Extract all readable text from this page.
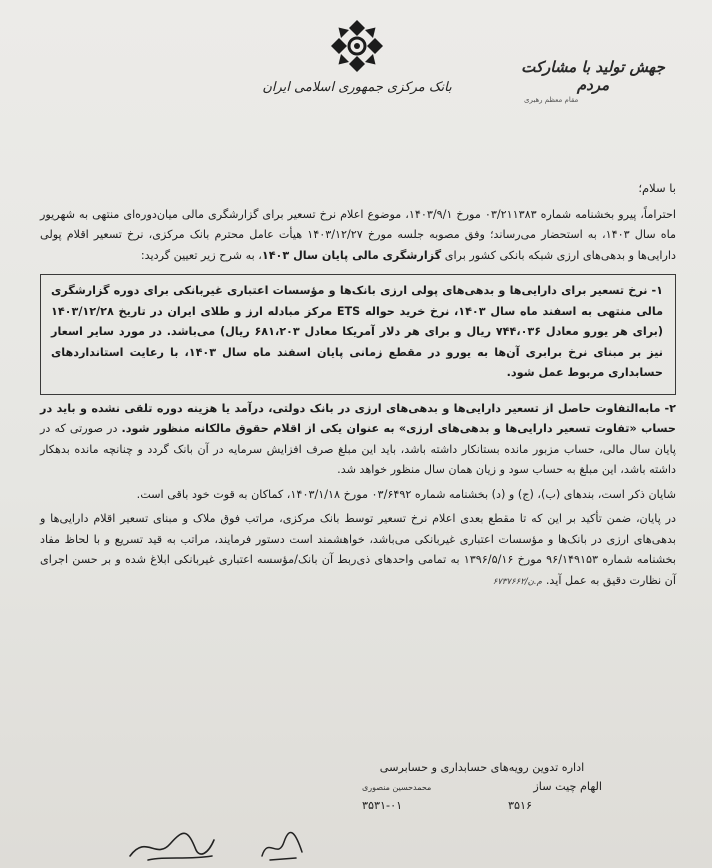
بانک مرکزی جمهوری اسلامی ایران
جهش تولید با مشارکت مردم
مقام معظم رهبری

با سلام؛

احتراماً، پیرو بخشنامه شماره ۰۳/۲۱۱۳۸۳ مورخ ۱۴۰۳/۹/۱، موضوع اعلام نرخ تسعیر برای گزارشگری مالی میان‌دوره‌ای منتهی به شهریور ماه سال ۱۴۰۳، به استحضار می‌رساند؛ وفق مصوبه جلسه مورخ ۱۴۰۳/۱۲/۲۷ هیأت عامل محترم بانک مرکزی، نرخ تسعیر اقلام پولی دارایی‌ها و بدهی‌های ارزی شبکه بانکی کشور برای گزارشگری مالی پایان سال ۱۴۰۳، به شرح زیر تعیین گردید:

۱-نرخ تسعیر برای دارایی‌ها و بدهی‌های پولی ارزی بانک‌ها و مؤسسات اعتباری غیربانکی برای دوره گزارشگری مالی منتهی به اسفند ماه سال ۱۴۰۳، نرخ خرید حواله ETS مرکز مبادله ارز و طلای ایران در تاریخ ۱۴۰۳/۱۲/۲۸ (برای هر یورو معادل ۷۴۴،۰۳۶ ریال و برای هر دلار آمریکا معادل ۶۸۱،۲۰۳ ریال) می‌باشد. در مورد سایر اسعار نیز بر مبنای نرخ برابری آن‌ها به یورو در مقطع زمانی پایان اسفند ماه سال ۱۴۰۳، با رعایت استانداردهای حسابداری مربوط عمل شود.

۲- مابه‌التفاوت حاصل از تسعیر دارایی‌ها و بدهی‌های ارزی در بانک دولتی، درآمد یا هزینه دوره تلقی نشده و باید در حساب «تفاوت تسعیر دارایی‌ها و بدهی‌های ارزی» به عنوان یکی از اقلام حقوق مالکانه منظور شود. در صورتی که در پایان سال مالی، حساب مزبور مانده بستانکار داشته باشد، باید این مبلغ صرف افزایش سرمایه در آن بانک گردد و چنانچه مانده بدهکار داشته باشد، این مبلغ به حساب سود و زیان همان سال منظور خواهد شد.

شایان ذکر است، بندهای (ب)، (ج) و (د) بخشنامه شماره ۰۳/۶۴۹۲ مورخ ۱۴۰۳/۱/۱۸، کماکان به قوت خود باقی است.

در پایان، ضمن تأکید بر این که تا مقطع بعدی اعلام نرخ تسعیر توسط بانک مرکزی، مراتب فوق ملاک و مبنای تسعیر اقلام دارایی‌ها و بدهی‌های ارزی در بانک‌ها و مؤسسات اعتباری غیربانکی می‌باشد، خواهشمند است دستور فرمایند، مراتب به قید تسریع و با لحاظ مفاد بخشنامه شماره ۹۶/۱۴۹۱۵۳ مورخ ۱۳۹۶/۵/۱۶ به تمامی واحدهای ذی‌ربط آن بانک/مؤسسه اعتباری غیربانکی ابلاغ شده و بر حسن اجرای آن نظارت دقیق به عمل آید.۶۷۳۷۶۶۲/م.ن

اداره تدوین رویه‌های حسابداری و حسابرسی
الهام چیت ساز
محمدحسین منصوری
۳۵۱۶
۳۵۳۱-۰۱
